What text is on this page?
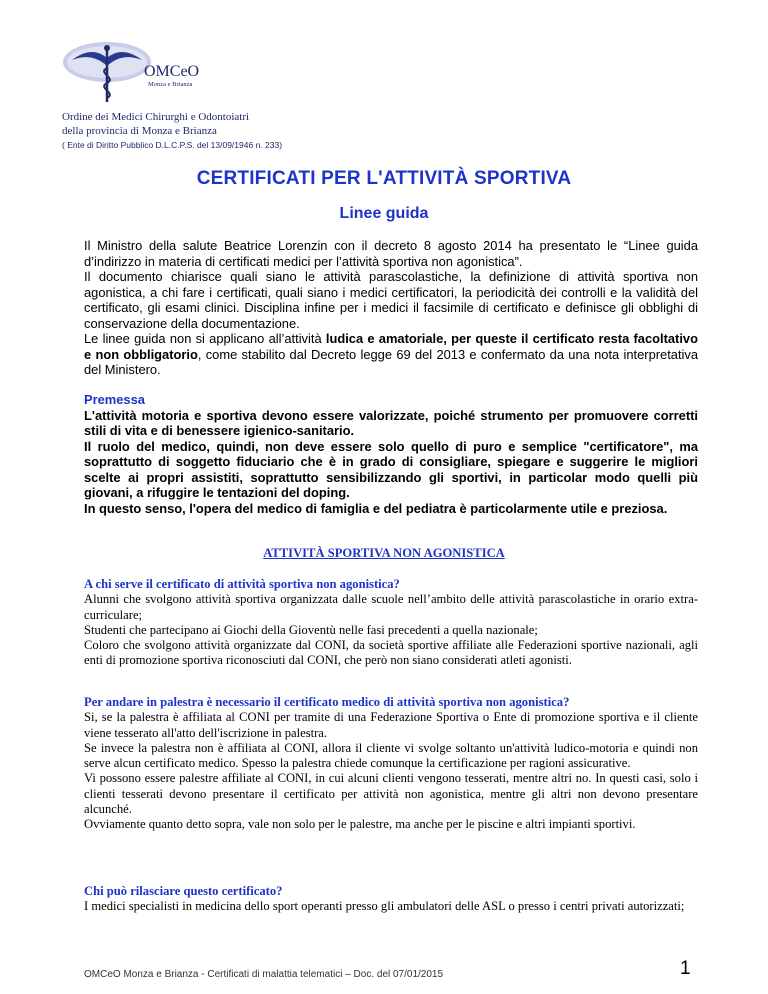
OMCeO
Monza e Brianza
Ordine dei Medici Chirurghi e Odontoiatri
della provincia di Monza e Brianza
( Ente di Diritto Pubblico D.L.C.P.S. del 13/09/1946 n. 233)
CERTIFICATI PER L'ATTIVITÀ SPORTIVA
Linee guida

Il Ministro della salute Beatrice Lorenzin con il decreto 8 agosto 2014 ha presentato le “Linee guida d’indirizzo in materia di certificati medici per l’attività sportiva non agonistica”.

Il documento chiarisce quali siano le attività parascolastiche, la definizione di attività sportiva non agonistica, a chi fare i certificati, quali siano i medici certificatori, la periodicità dei controlli e la validità del certificato, gli esami clinici. Disciplina infine per i medici il facsimile di certificato e definisce gli obblighi di conservazione della documentazione.

Le linee guida non si applicano all’attività ludica e amatoriale, per queste il certificato resta facoltativo e non obbligatorio, come stabilito dal Decreto legge 69 del 2013 e confermato da una nota interpretativa del Ministero.

Premessa

L'attività motoria e sportiva devono essere valorizzate, poiché strumento per promuovere corretti stili di vita e di benessere igienico-sanitario.

Il ruolo del medico, quindi, non deve essere solo quello di puro e semplice "certificatore", ma soprattutto di soggetto fiduciario che è in grado di consigliare, spiegare e suggerire le migliori scelte ai propri assistiti, soprattutto sensibilizzando gli sportivi, in particolar modo quelli più giovani, a rifuggire le tentazioni del doping.

In questo senso, l'opera del medico di famiglia e del pediatra è particolarmente utile e preziosa.

ATTIVITÀ SPORTIVA NON AGONISTICA

A chi serve il certificato di attività sportiva non agonistica?

Alunni che svolgono attività sportiva organizzata dalle scuole nell’ambito delle attività parascolastiche in orario extra-curriculare;

Studenti che partecipano ai Giochi della Gioventù nelle fasi precedenti a quella nazionale;

Coloro che svolgono attività organizzate dal CONI, da società sportive affiliate alle Federazioni sportive nazionali, agli enti di promozione sportiva riconosciuti dal CONI, che però non siano considerati atleti agonisti.

Per andare in palestra è necessario il certificato medico di attività sportiva non agonistica?

Si, se la palestra è affiliata al CONI per tramite di una Federazione Sportiva o Ente di promozione sportiva e il cliente viene tesserato all'atto dell'iscrizione in palestra.

Se invece la palestra non è affiliata al CONI, allora il cliente vi svolge soltanto un'attività ludico-motoria e quindi non serve alcun certificato medico. Spesso la palestra chiede comunque la certificazione per ragioni assicurative.

Vi possono essere palestre affiliate al CONI, in cui alcuni clienti vengono tesserati, mentre altri no. In questi casi, solo i clienti tesserati devono presentare il certificato per attività non agonistica, mentre gli altri non devono presentare alcunché.

Ovviamente quanto detto sopra, vale non solo per le palestre, ma anche per le piscine e altri impianti sportivi.

Chi può rilasciare questo certificato?

I medici specialisti in medicina dello sport operanti presso gli ambulatori delle ASL o presso i centri privati autorizzati;

OMCeO Monza e Brianza - Certificati di malattia telematici – Doc. del 07/01/2015	1
